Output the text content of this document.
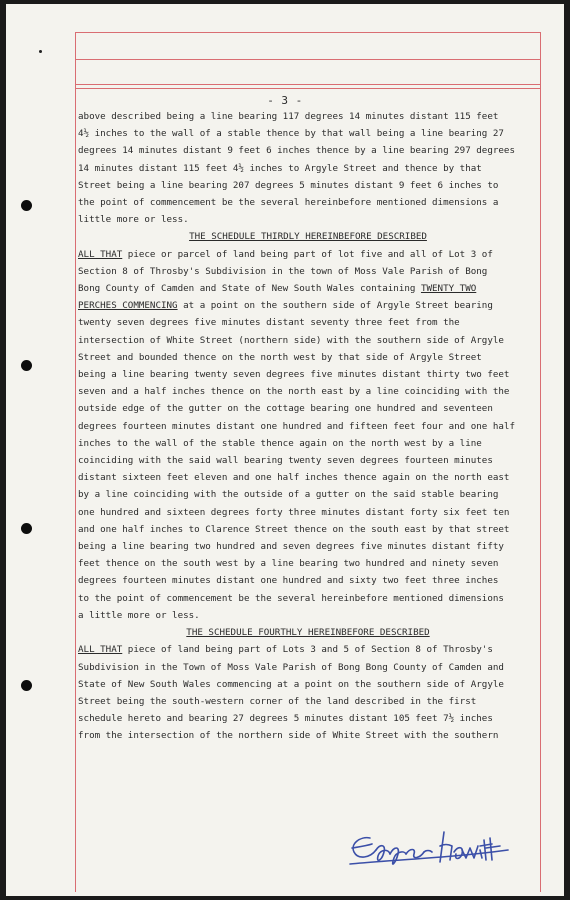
- 3 -
above described being a line bearing 117 degrees 14 minutes distant 115 feet
4½ inches to the wall of a stable thence by that wall being a line bearing 27
degrees 14 minutes distant 9 feet 6 inches thence by a line bearing 297 degrees
14 minutes distant 115 feet 4½ inches to Argyle Street and thence by that
Street being a line bearing 207 degrees 5 minutes distant 9 feet 6 inches to
the point of commencement be the several hereinbefore mentioned dimensions a
little more or less.
THE SCHEDULE THIRDLY HEREINBEFORE DESCRIBED
ALL THAT piece or parcel of land being part of lot five and all of Lot 3 of
Section 8 of Throsby's Subdivision in the town of Moss Vale Parish of Bong
Bong County of Camden and State of New South Wales containing TWENTY TWO
PERCHES COMMENCING at a point on the southern side of Argyle Street bearing
twenty seven degrees five minutes distant seventy three feet from the
intersection of White Street (northern side) with the southern side of Argyle
Street and bounded thence on the north west by that side of Argyle Street
being a line bearing twenty seven degrees five minutes distant thirty two feet
seven and a half inches thence on the north east by a line coinciding with the
outside edge of the gutter on the cottage bearing one hundred and seventeen
degrees fourteen minutes distant one hundred and fifteen feet four and one half
inches to the wall of the stable thence again on the north west by a line
coinciding with the said wall bearing twenty seven degrees fourteen minutes
distant sixteen feet eleven and one half inches thence again on the north east
by a line coinciding with the outside of a gutter on the said stable bearing
one hundred and sixteen degrees forty three minutes distant forty six feet ten
and one half inches to Clarence Street thence on the south east by that street
being a line bearing two hundred and seven degrees five minutes distant fifty
feet thence on the south west by a line bearing two hundred and ninety seven
degrees fourteen minutes distant one hundred and sixty two feet three inches
to the point of commencement be the several hereinbefore mentioned dimensions
a little more or less.
THE SCHEDULE FOURTHLY HEREINBEFORE DESCRIBED
ALL THAT piece of land being part of Lots 3 and 5 of Section 8 of Throsby's
Subdivision in the Town of Moss Vale Parish of Bong Bong County of Camden and
State of New South Wales commencing at a point on the southern side of Argyle
Street being the south-western corner of the land described in the first
schedule hereto and bearing 27 degrees 5 minutes distant 105 feet 7½ inches
from the intersection of the northern side of White Street with the southern
